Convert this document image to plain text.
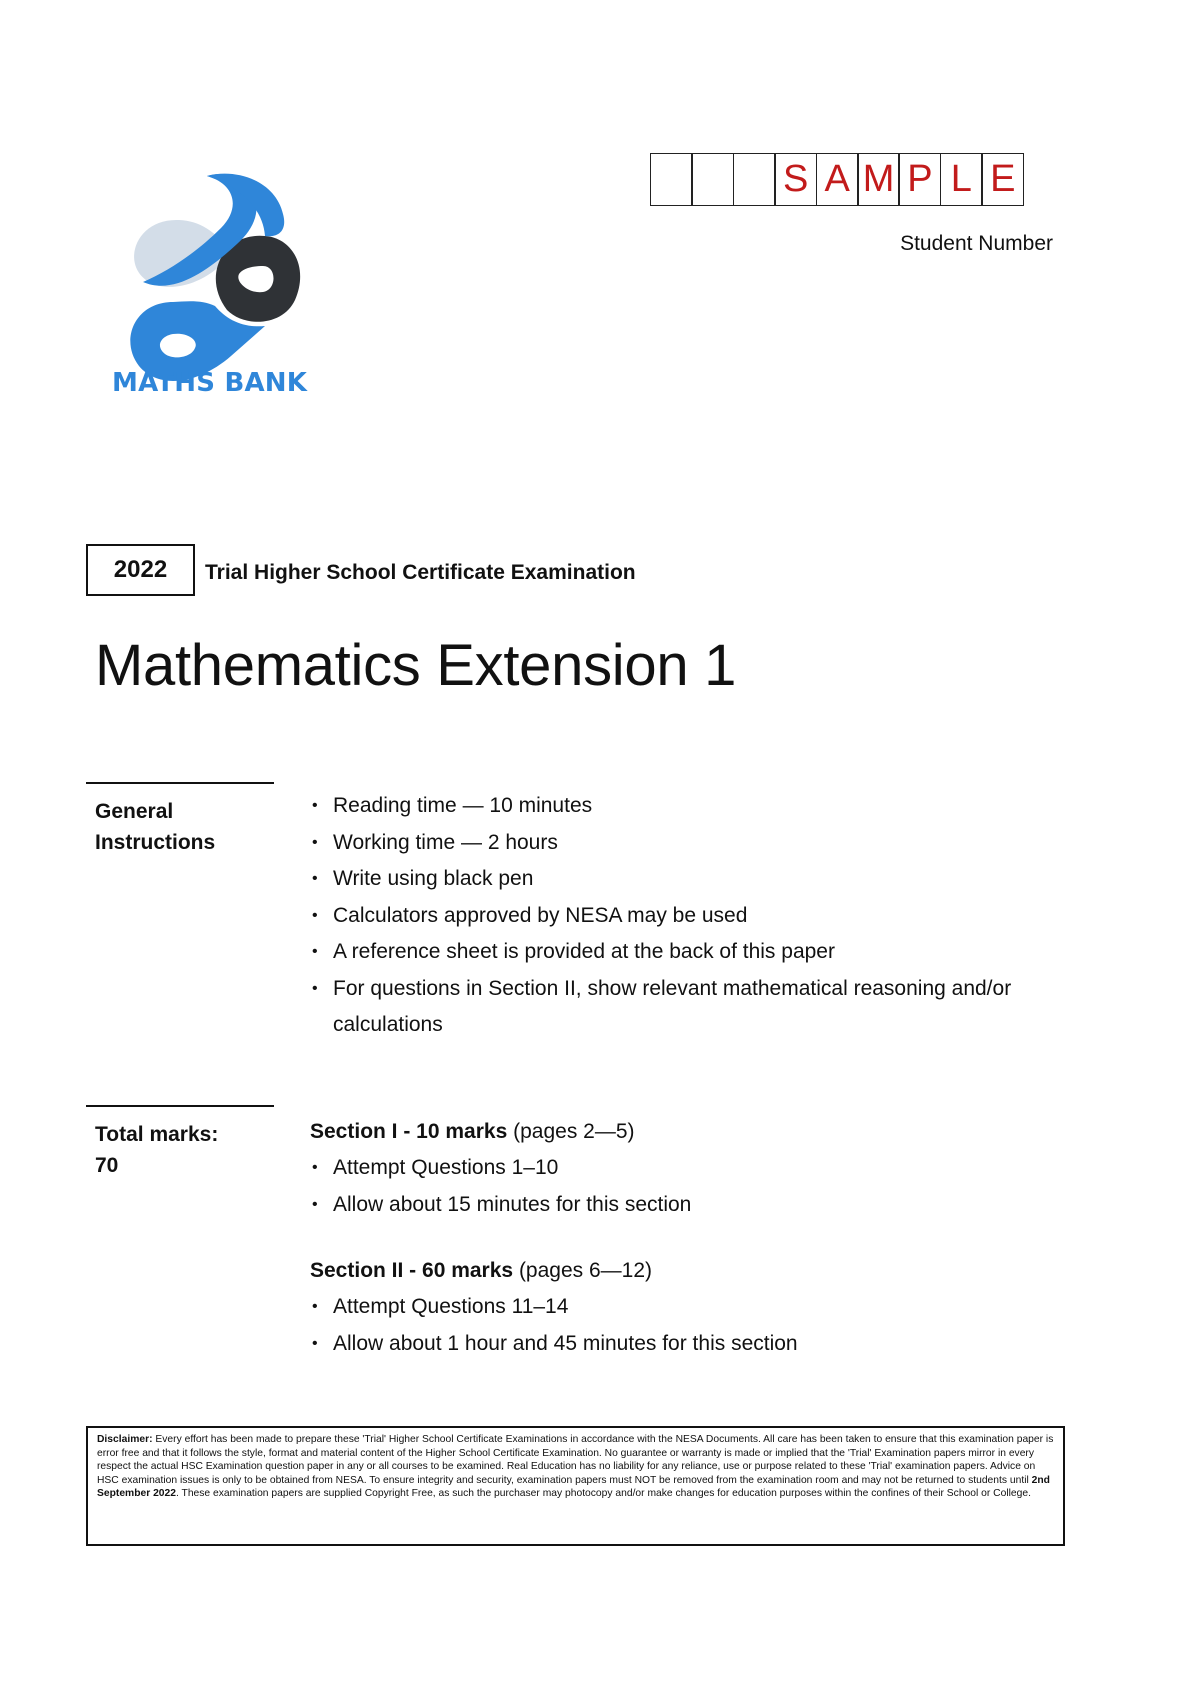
MATHS BANK
S A M P L E
Student Number
2022	Trial Higher School Certificate Examination
Mathematics Extension 1
General
Instructions
• Reading time — 10 minutes
• Working time — 2 hours
• Write using black pen
• Calculators approved by NESA may be used
• A reference sheet is provided at the back of this paper
• For questions in Section II, show relevant mathematical reasoning and/or calculations
Total marks:
70
Section I - 10 marks (pages 2—5)
• Attempt Questions 1–10
• Allow about 15 minutes for this section
Section II - 60 marks (pages 6—12)
• Attempt Questions 11–14
• Allow about 1 hour and 45 minutes for this section
Disclaimer: Every effort has been made to prepare these 'Trial' Higher School Certificate Examinations in accordance with the NESA Documents. All care has been taken to ensure that this examination paper is error free and that it follows the style, format and material content of the Higher School Certificate Examination. No guarantee or warranty is made or implied that the 'Trial' Examination papers mirror in every respect the actual HSC Examination question paper in any or all courses to be examined. Real Education has no liability for any reliance, use or purpose related to these 'Trial' examination papers. Advice on HSC examination issues is only to be obtained from NESA. To ensure integrity and security, examination papers must NOT be removed from the examination room and may not be returned to students until 2nd September 2022. These examination papers are supplied Copyright Free, as such the purchaser may photocopy and/or make changes for education purposes within the confines of their School or College.
